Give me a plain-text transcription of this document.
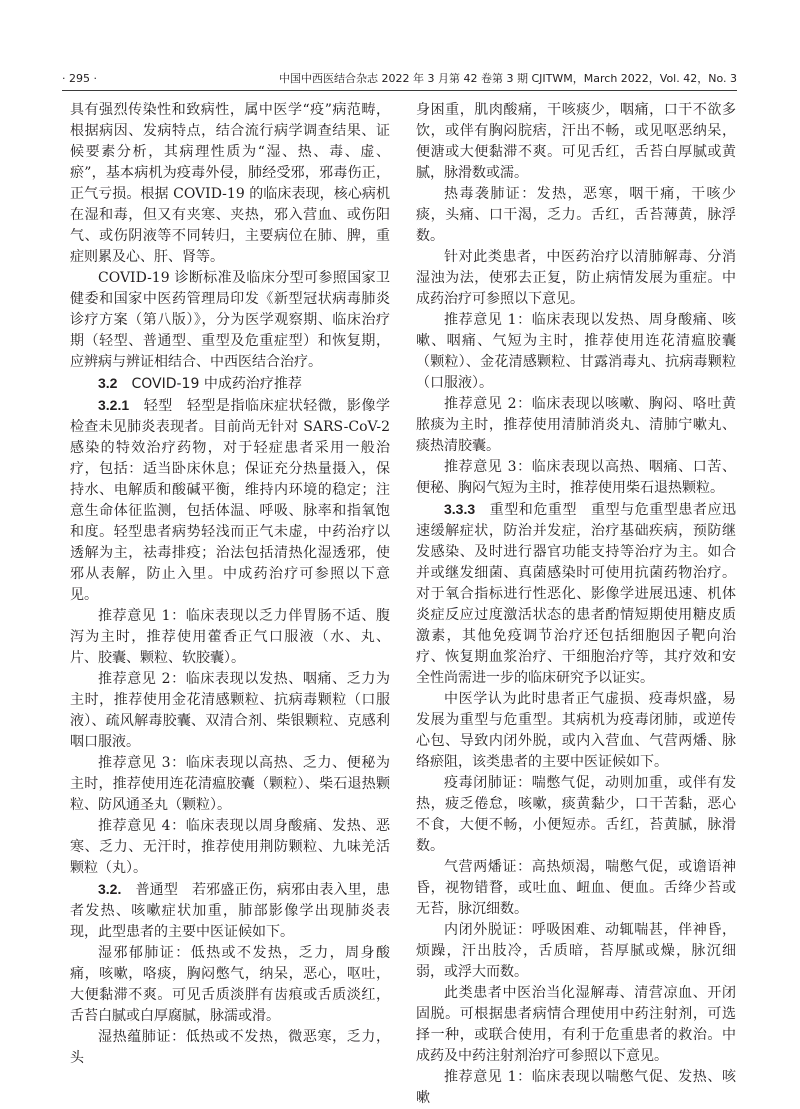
· 295 ·	中国中西医结合杂志 2022 年 3 月第 42 卷第 3 期 CJITWM，March 2022，Vol. 42，No. 3

具有强烈传染性和致病性，属中医学“疫”病范畴，根据病因、发病特点，结合流行病学调查结果、证候要素分析，其病理性质为“湿、热、毒、虚、瘀”，基本病机为疫毒外侵，肺经受邪，邪毒伤正，正气亏损。根据 COVID-19 的临床表现，核心病机在湿和毒，但又有夹寒、夹热，邪入营血、或伤阳气、或伤阴液等不同转归，主要病位在肺、脾，重症则累及心、肝、肾等。

COVID-19 诊断标准及临床分型可参照国家卫健委和国家中医药管理局印发《新型冠状病毒肺炎诊疗方案（第八版）》，分为医学观察期、临床治疗期（轻型、普通型、重型及危重症型）和恢复期，应辨病与辨证相结合、中西医结合治疗。

3.2 COVID-19 中成药治疗推荐

3.2.1 轻型 轻型是指临床症状轻微，影像学检查未见肺炎表现者。目前尚无针对 SARS-CoV-2 感染的特效治疗药物，对于轻症患者采用一般治疗，包括：适当卧床休息；保证充分热量摄入，保持水、电解质和酸碱平衡，维持内环境的稳定；注意生命体征监测，包括体温、呼吸、脉率和指氧饱和度。轻型患者病势轻浅而正气未虚，中药治疗以透解为主，祛毒排疫；治法包括清热化湿透邪，使邪从表解，防止入里。中成药治疗可参照以下意见。

推荐意见 1：临床表现以乏力伴胃肠不适、腹泻为主时，推荐使用藿香正气口服液（水、丸、片、胶囊、颗粒、软胶囊）。

推荐意见 2：临床表现以发热、咽痛、乏力为主时，推荐使用金花清感颗粒、抗病毒颗粒（口服液）、疏风解毒胶囊、双清合剂、柴银颗粒、克感利咽口服液。

推荐意见 3：临床表现以高热、乏力、便秘为主时，推荐使用连花清瘟胶囊（颗粒）、柴石退热颗粒、防风通圣丸（颗粒）。

推荐意见 4：临床表现以周身酸痛、发热、恶寒、乏力、无汗时，推荐使用荆防颗粒、九味羌活颗粒（丸）。

3.2. 普通型 若邪盛正伤，病邪由表入里，患者发热、咳嗽症状加重，肺部影像学出现肺炎表现，此型患者的主要中医证候如下。

湿邪郁肺证：低热或不发热，乏力，周身酸痛，咳嗽，咯痰，胸闷憋气，纳呆，恶心，呕吐，大便黏滞不爽。可见舌质淡胖有齿痕或舌质淡红，舌苔白腻或白厚腐腻，脉濡或滑。

湿热蕴肺证：低热或不发热，微恶寒，乏力，头

身困重，肌肉酸痛，干咳痰少，咽痛，口干不欲多饮，或伴有胸闷脘痞，汗出不畅，或见呕恶纳呆，便溏或大便黏滞不爽。可见舌红，舌苔白厚腻或黄腻，脉滑数或濡。

热毒袭肺证：发热，恶寒，咽干痛，干咳少痰，头痛、口干渴，乏力。舌红，舌苔薄黄，脉浮数。

针对此类患者，中医药治疗以清肺解毒、分消湿浊为法，使邪去正复，防止病情发展为重症。中成药治疗可参照以下意见。

推荐意见 1：临床表现以发热、周身酸痛、咳嗽、咽痛、气短为主时，推荐使用连花清瘟胶囊（颗粒）、金花清感颗粒、甘露消毒丸、抗病毒颗粒（口服液）。

推荐意见 2：临床表现以咳嗽、胸闷、咯吐黄脓痰为主时，推荐使用清肺消炎丸、清肺宁嗽丸、痰热清胶囊。

推荐意见 3：临床表现以高热、咽痛、口苦、便秘、胸闷气短为主时，推荐使用柴石退热颗粒。

3.3.3 重型和危重型 重型与危重型患者应迅速缓解症状，防治并发症，治疗基础疾病，预防继发感染、及时进行器官功能支持等治疗为主。如合并或继发细菌、真菌感染时可使用抗菌药物治疗。对于氧合指标进行性恶化、影像学进展迅速、机体炎症反应过度激活状态的患者酌情短期使用糖皮质激素，其他免疫调节治疗还包括细胞因子靶向治疗、恢复期血浆治疗、干细胞治疗等，其疗效和安全性尚需进一步的临床研究予以证实。

中医学认为此时患者正气虚损、疫毒炽盛，易发展为重型与危重型。其病机为疫毒闭肺，或逆传心包、导致内闭外脱，或内入营血、气营两燔、脉络瘀阻，该类患者的主要中医证候如下。

疫毒闭肺证：喘憋气促，动则加重，或伴有发热，疲乏倦怠，咳嗽，痰黄黏少，口干苦黏，恶心不食，大便不畅，小便短赤。舌红，苔黄腻，脉滑数。

气营两燔证：高热烦渴，喘憋气促，或谵语神昏，视物错瞀，或吐血、衄血、便血。舌绛少苔或无苔，脉沉细数。

内闭外脱证：呼吸困难、动辄喘甚，伴神昏，烦躁，汗出肢冷，舌质暗，苔厚腻或燥，脉沉细弱，或浮大而数。

此类患者中医治当化湿解毒、清营凉血、开闭固脱。可根据患者病情合理使用中药注射剂，可选择一种，或联合使用，有利于危重患者的救治。中成药及中药注射剂治疗可参照以下意见。

推荐意见 1：临床表现以喘憋气促、发热、咳嗽
